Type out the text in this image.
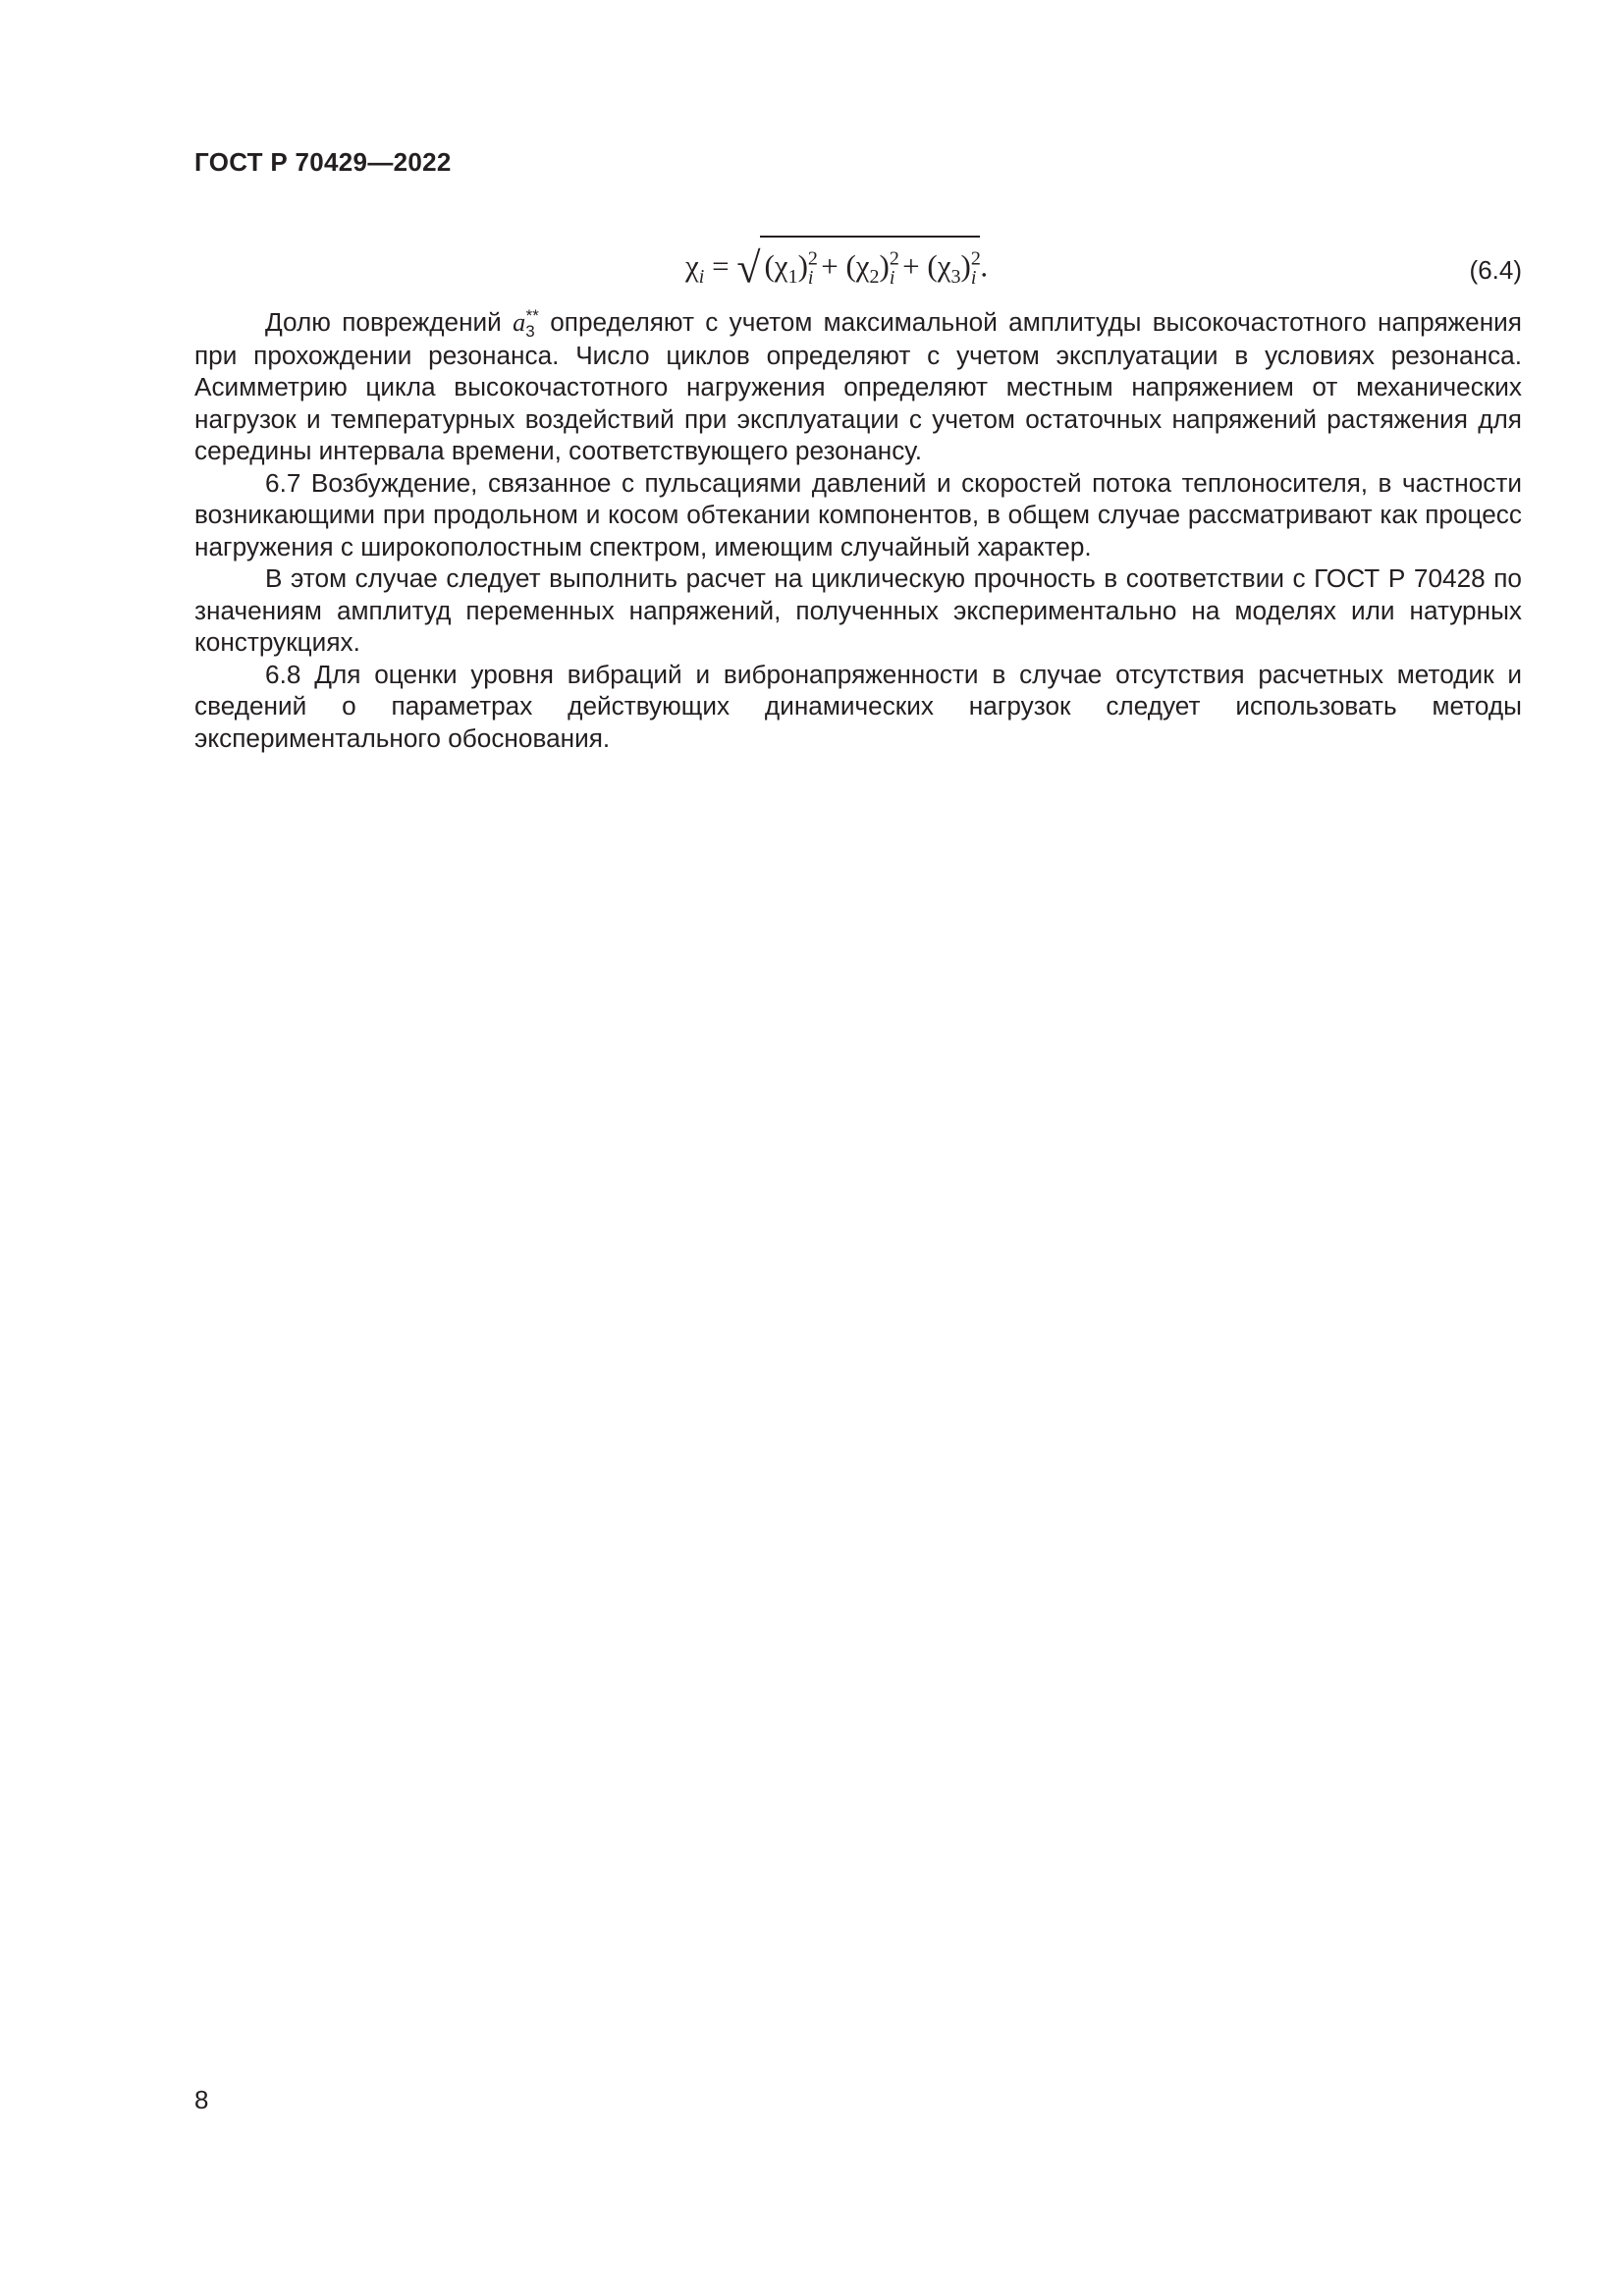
ГОСТ Р 70429—2022
$\chi_i$ = √ $(\chi_1)^2_i + (\chi_2)^2_i + (\chi_3)^2_i$ .	(6.4)

Долю повреждений $a_3^{**}$ определяют с учетом максимальной амплитуды высокочастотного напряжения при прохождении резонанса. Число циклов определяют с учетом эксплуатации в условиях резонанса. Асимметрию цикла высокочастотного нагружения определяют местным напряжением от механических нагрузок и температурных воздействий при эксплуатации с учетом остаточных напряжений растяжения для середины интервала времени, соответствующего резонансу.

6.7 Возбуждение, связанное с пульсациями давлений и скоростей потока теплоносителя, в частности возникающими при продольном и косом обтекании компонентов, в общем случае рассматривают как процесс нагружения с широкополостным спектром, имеющим случайный характер.

В этом случае следует выполнить расчет на циклическую прочность в соответствии с ГОСТ Р 70428 по значениям амплитуд переменных напряжений, полученных экспериментально на моделях или натурных конструкциях.

6.8 Для оценки уровня вибраций и вибронапряженности в случае отсутствия расчетных методик и сведений о параметрах действующих динамических нагрузок следует использовать методы экспериментального обоснования.

8
